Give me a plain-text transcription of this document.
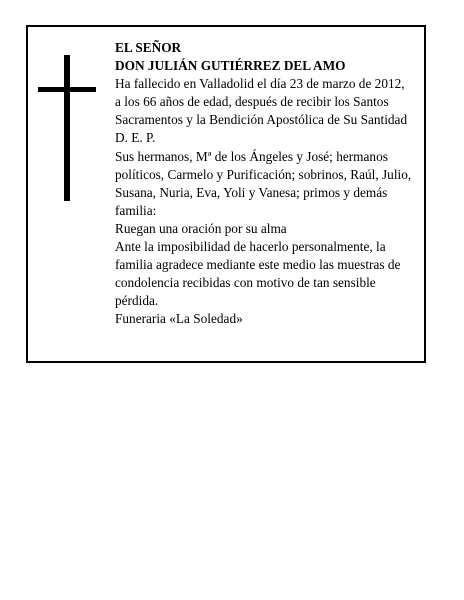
EL SEÑOR
DON JULIÁN GUTIÉRREZ DEL AMO
Ha fallecido en Valladolid el día 23 de marzo de 2012,
a los 66 años de edad, después de recibir los Santos
Sacramentos y la Bendición Apostólica de Su Santidad
D. E. P.
Sus hermanos, Mª de los Ángeles y José; hermanos
políticos, Carmelo y Purificación; sobrinos, Raúl, Julio,
Susana, Nuria, Eva, Yoli y Vanesa; primos y demás
familia:
Ruegan una oración por su alma
Ante la imposibilidad de hacerlo personalmente, la
familia agradece mediante este medio las muestras de
condolencia recibidas con motivo de tan sensible
pérdida.
Funeraria «La Soledad»
